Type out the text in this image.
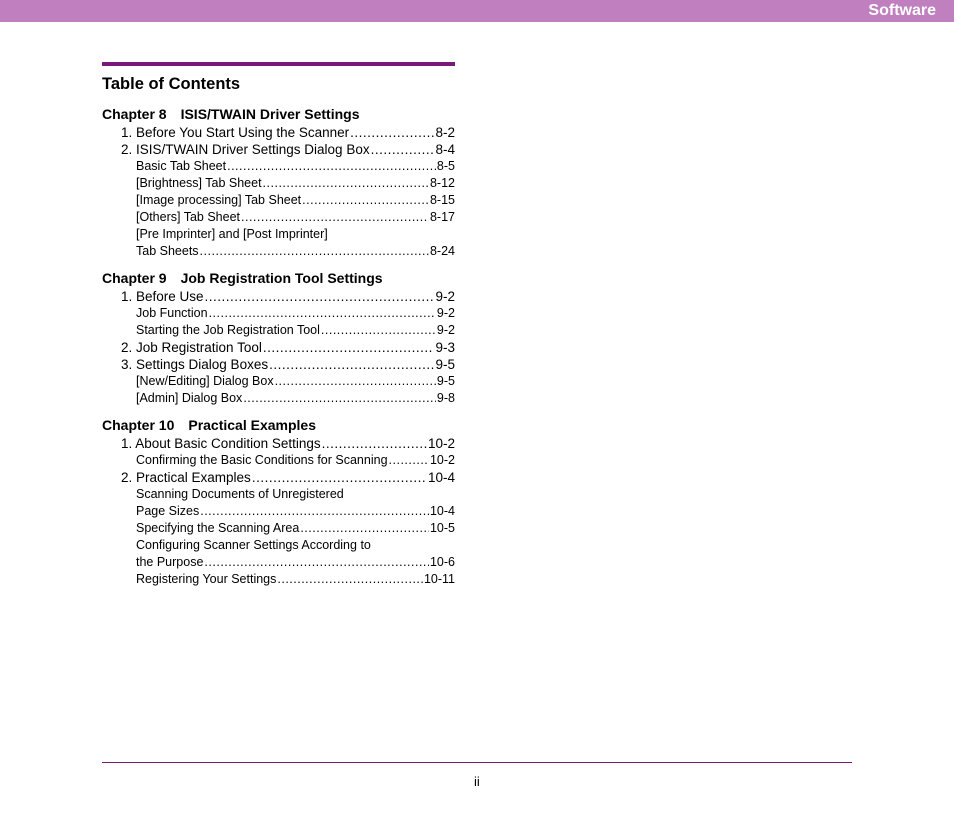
Software
Table of Contents
Chapter 8 ISIS/TWAIN Driver Settings
1. Before You Start Using the Scanner .....	8-2
2. ISIS/TWAIN Driver Settings Dialog Box .....	8-4
Basic Tab Sheet .....	8-5
[Brightness] Tab Sheet .....	8-12
[Image processing] Tab Sheet .....	8-15
[Others] Tab Sheet .....	8-17
[Pre Imprinter] and [Post Imprinter]
Tab Sheets .....	8-24
Chapter 9 Job Registration Tool Settings
1. Before Use .....	9-2
Job Function .....	9-2
Starting the Job Registration Tool .....	9-2
2. Job Registration Tool .....	9-3
3. Settings Dialog Boxes .....	9-5
[New/Editing] Dialog Box .....	9-5
[Admin] Dialog Box .....	9-8
Chapter 10 Practical Examples
1. About Basic Condition Settings .....	10-2
Confirming the Basic Conditions for Scanning .....	10-2
2. Practical Examples .....	10-4
Scanning Documents of Unregistered
Page Sizes .....	10-4
Specifying the Scanning Area .....	10-5
Configuring Scanner Settings According to
the Purpose .....	10-6
Registering Your Settings .....	10-11
ii
